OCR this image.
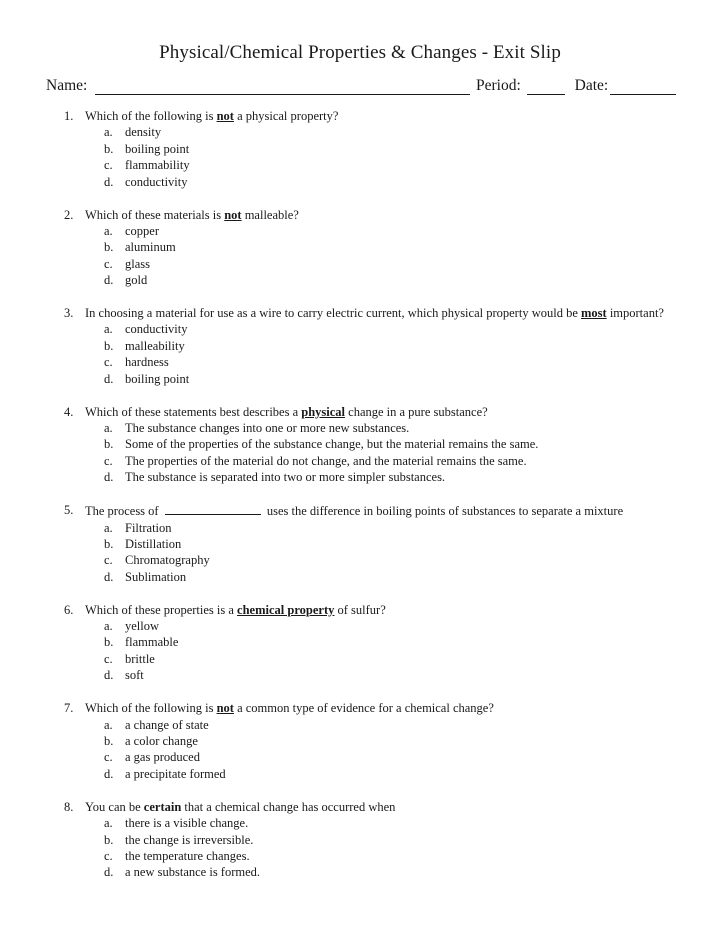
Physical/Chemical Properties & Changes - Exit Slip
Name:	Period:	Date:
1. Which of the following is not a physical property?
a. density
b. boiling point
c. flammability
d. conductivity
2. Which of these materials is not malleable?
a. copper
b. aluminum
c. glass
d. gold
3. In choosing a material for use as a wire to carry electric current, which physical property would be most important?
a. conductivity
b. malleability
c. hardness
d. boiling point
4. Which of these statements best describes a physical change in a pure substance?
a. The substance changes into one or more new substances.
b. Some of the properties of the substance change, but the material remains the same.
c. The properties of the material do not change, and the material remains the same.
d. The substance is separated into two or more simpler substances.
5. The process of	uses the difference in boiling points of substances to separate a mixture
a. Filtration
b. Distillation
c. Chromatography
d. Sublimation
6. Which of these properties is a chemical property of sulfur?
a. yellow
b. flammable
c. brittle
d. soft
7. Which of the following is not a common type of evidence for a chemical change?
a. a change of state
b. a color change
c. a gas produced
d. a precipitate formed
8. You can be certain that a chemical change has occurred when
a. there is a visible change.
b. the change is irreversible.
c. the temperature changes.
d. a new substance is formed.
